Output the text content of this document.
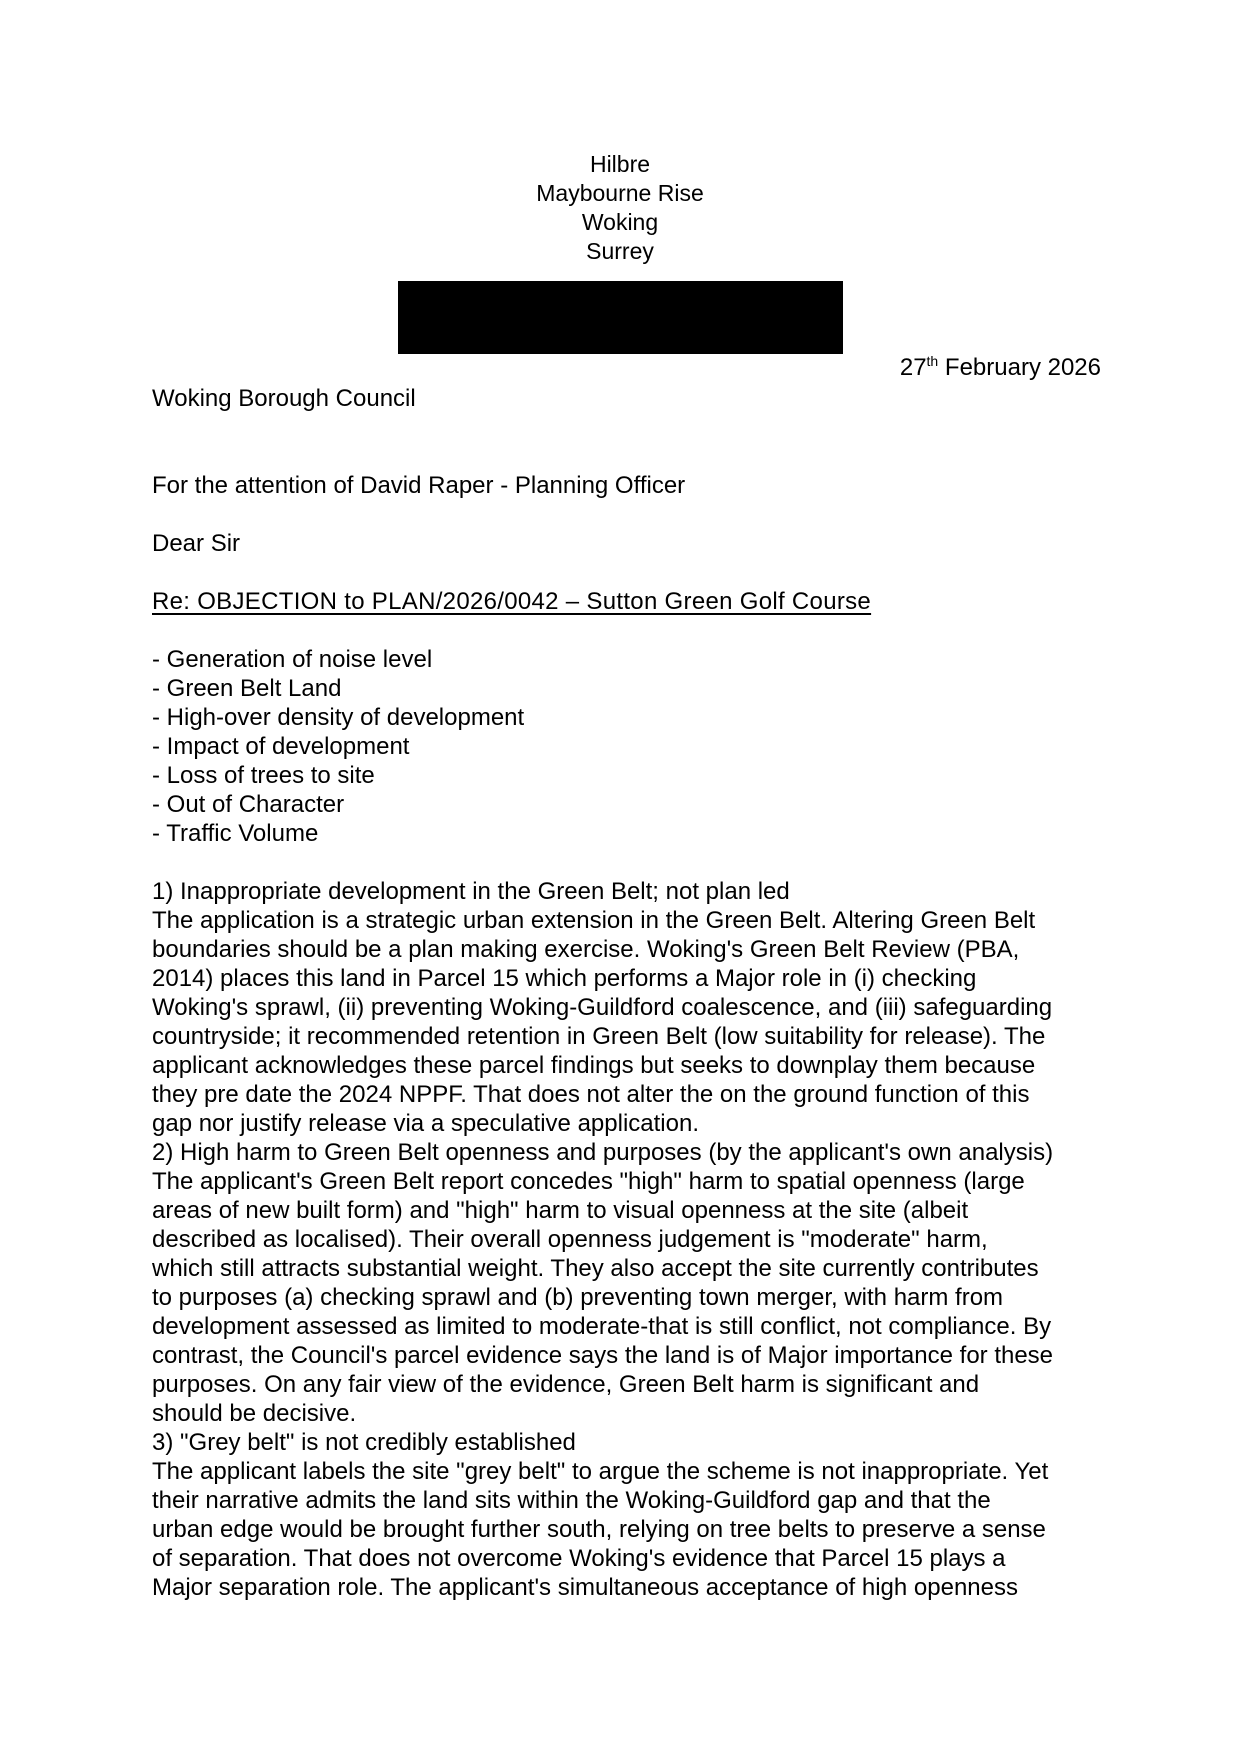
Hilbre
Maybourne Rise
Woking
Surrey
27th February 2026
Woking Borough Council
For the attention of David Raper - Planning Officer
Dear Sir
Re: OBJECTION to PLAN/2026/0042 – Sutton Green Golf Course
- Generation of noise level
- Green Belt Land
- High-over density of development
- Impact of development
- Loss of trees to site
- Out of Character
- Traffic Volume
1) Inappropriate development in the Green Belt; not plan led
The application is a strategic urban extension in the Green Belt. Altering Green Belt
boundaries should be a plan making exercise. Woking's Green Belt Review (PBA,
2014) places this land in Parcel 15 which performs a Major role in (i) checking
Woking's sprawl, (ii) preventing Woking-Guildford coalescence, and (iii) safeguarding
countryside; it recommended retention in Green Belt (low suitability for release). The
applicant acknowledges these parcel findings but seeks to downplay them because
they pre date the 2024 NPPF. That does not alter the on the ground function of this
gap nor justify release via a speculative application.
2) High harm to Green Belt openness and purposes (by the applicant's own analysis)
The applicant's Green Belt report concedes "high" harm to spatial openness (large
areas of new built form) and "high" harm to visual openness at the site (albeit
described as localised). Their overall openness judgement is "moderate" harm,
which still attracts substantial weight. They also accept the site currently contributes
to purposes (a) checking sprawl and (b) preventing town merger, with harm from
development assessed as limited to moderate-that is still conflict, not compliance. By
contrast, the Council's parcel evidence says the land is of Major importance for these
purposes. On any fair view of the evidence, Green Belt harm is significant and
should be decisive.
3) "Grey belt" is not credibly established
The applicant labels the site "grey belt" to argue the scheme is not inappropriate. Yet
their narrative admits the land sits within the Woking-Guildford gap and that the
urban edge would be brought further south, relying on tree belts to preserve a sense
of separation. That does not overcome Woking's evidence that Parcel 15 plays a
Major separation role. The applicant's simultaneous acceptance of high openness
